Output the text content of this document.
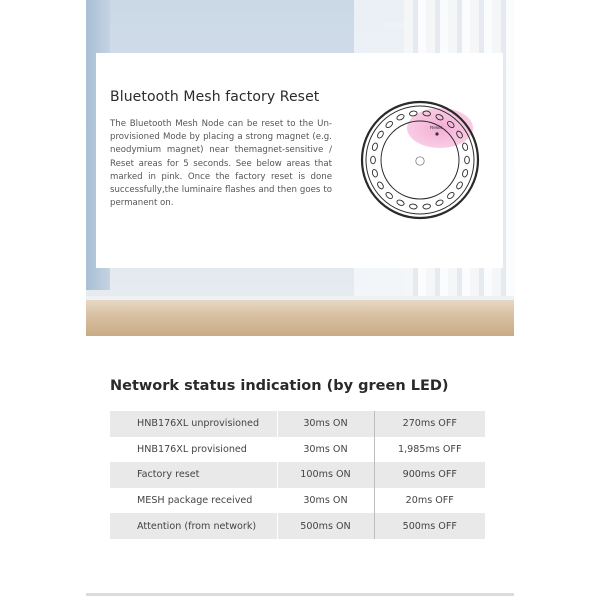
Bluetooth Mesh factory Reset

The Bluetooth Mesh Node can be reset to the Un-provisioned Mode by placing a strong magnet (e.g. neodymium magnet) near themagnet-sensitive / Reset areas for 5 seconds. See below areas that marked in pink. Once the factory reset is done successfully,the luminaire flashes and then goes to permanent on.

Reset
Network status indication (by green LED)
HNB176XL unprovisioned	30ms ON	270ms OFF
HNB176XL provisioned	30ms ON	1,985ms OFF
Factory reset	100ms ON	900ms OFF
MESH package received	30ms ON	20ms OFF
Attention (from network)	500ms ON	500ms OFF
